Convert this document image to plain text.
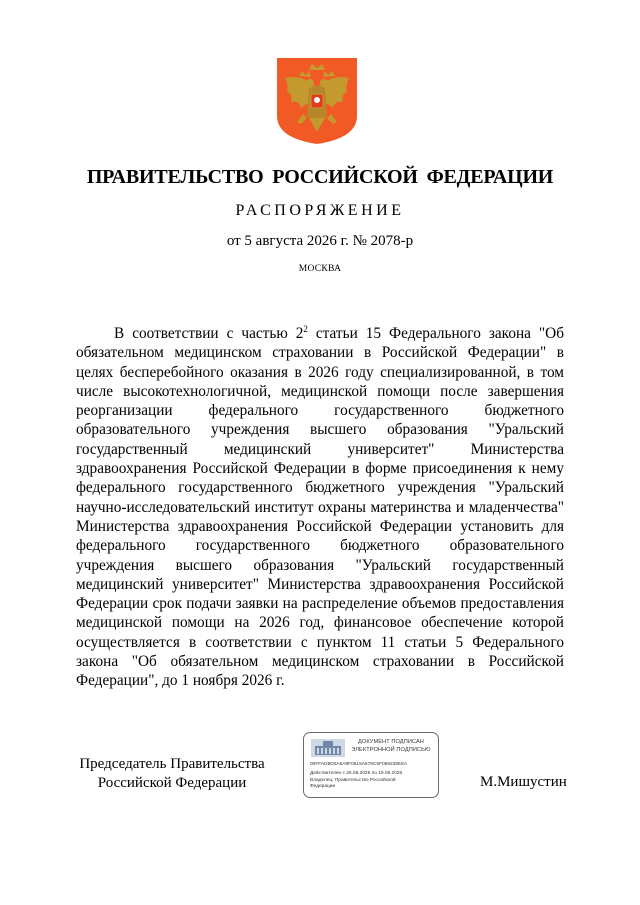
ПРАВИТЕЛЬСТВО РОССИЙСКОЙ ФЕДЕРАЦИИ
РАСПОРЯЖЕНИЕ
от 5 августа 2026 г. № 2078-р
МОСКВА
В соответствии с частью $2^2$ статьи 15 Федерального закона "Об обязательном медицинском страховании в Российской Федерации" в целях бесперебойного оказания в 2026 году специализированной, в том числе высокотехнологичной, медицинской помощи после завершения реорганизации федерального государственного бюджетного образовательного учреждения высшего образования "Уральский государственный медицинский университет" Министерства здравоохранения Российской Федерации в форме присоединения к нему федерального государственного бюджетного учреждения "Уральский научно-исследовательский институт охраны материнства и младенчества" Министерства здравоохранения Российской Федерации установить для федерального государственного бюджетного образовательного учреждения высшего образования "Уральский государственный медицинский университет" Министерства здравоохранения Российской Федерации срок подачи заявки на распределение объемов предоставления медицинской помощи на 2026 год, финансовое обеспечение которой осуществляется в соответствии с пунктом 11 статьи 5 Федерального закона "Об обязательном медицинском страховании в Российской Федерации", до 1 ноября 2026 г.
Председатель Правительства
Российской Федерации
ДОКУМЕНТ ПОДПИСАН
ЭЛЕКТРОННОЙ ПОДПИСЬЮ
00FFAD9D0A5A8F0815A579C5F0882386SA
Действителен с 26.06.2025 по 19.09.2026
Владелец: Правительство Российской
Федерации	М.Мишустин
